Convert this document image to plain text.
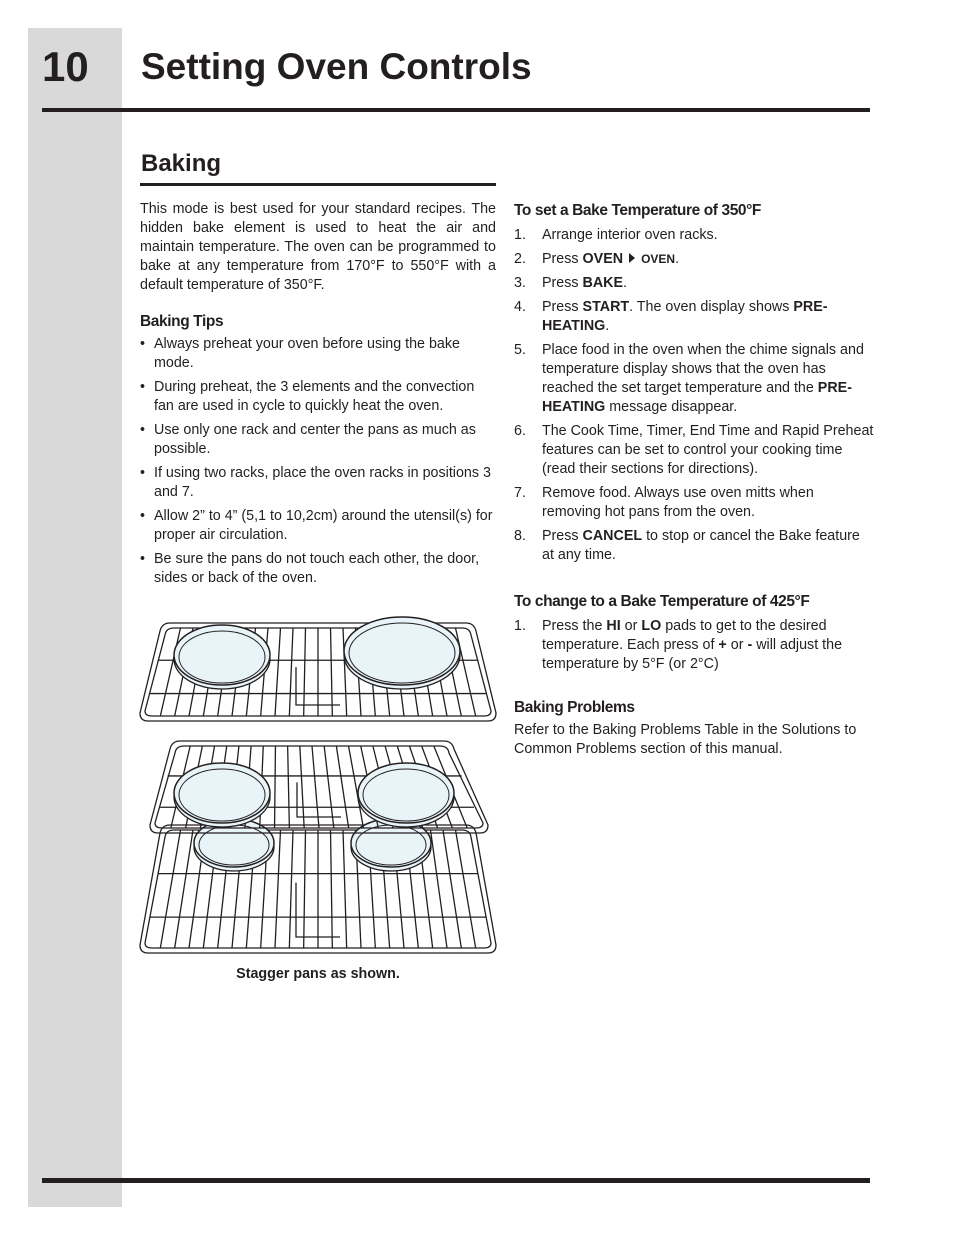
10 Setting Oven Controls
Baking

This mode is best used for your standard recipes. The hidden bake element is used to heat the air and maintain temperature. The oven can be programmed to bake at any temperature from 170°F to 550°F with a default temperature of 350°F.

Baking Tips

• Always preheat your oven before using the bake mode.
• During preheat, the 3 elements and the convection fan are used in cycle to quickly heat the oven.
• Use only one rack and center the pans as much as possible.
• If using two racks, place the oven racks in positions 3 and 7.
• Allow 2” to 4” (5,1 to 10,2cm) around the utensil(s) for proper air circulation.
• Be sure the pans do not touch each other, the door, sides or back of the oven.
Stagger pans as shown.

To set a Bake Temperature of 350°F

1. Arrange interior oven racks.
2. Press OVEN OVEN.
3. Press BAKE.
4. Press START. The oven display shows PRE-HEATING.
5. Place food in the oven when the chime signals and temperature display shows that the oven has reached the set target temperature and the PRE-HEATING message disappear.
6. The Cook Time, Timer, End Time and Rapid Preheat features can be set to control your cooking time (read their sections for directions).
7. Remove food. Always use oven mitts when removing hot pans from the oven.
8. Press CANCEL to stop or cancel the Bake feature at any time.

To change to a Bake Temperature of 425°F

1. Press the HI or LO pads to get to the desired temperature. Each press of + or - will adjust the temperature by 5°F (or 2°C)

Baking Problems

Refer to the Baking Problems Table in the Solutions to Common Problems section of this manual.
